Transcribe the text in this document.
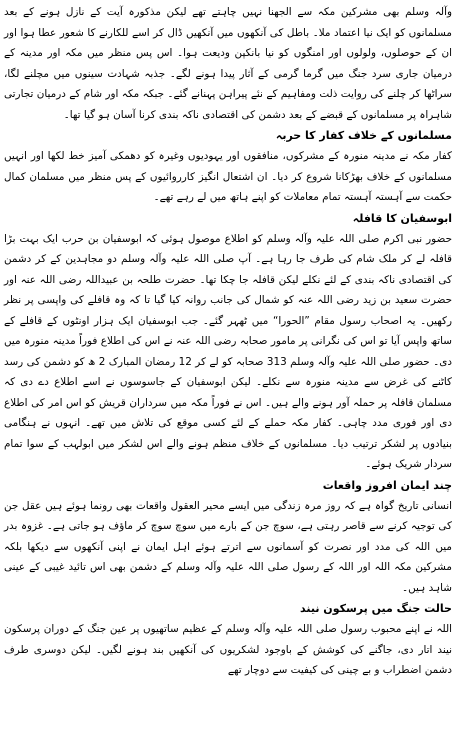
وآلہ وسلم بھی مشرکین مکہ سے الجھنا نہیں چاہتے تھے لیکن مذکورہ آیت کے نازل ہونے کے بعد مسلمانوں کو ایک نیا اعتماد ملا۔ باطل کی آنکھوں میں آنکھیں ڈال کر اسے للکارنے کا شعور عطا ہوا اور ان کے حوصلوں، ولولوں اور امنگوں کو نیا بانکپن ودیعت ہوا۔ اس پس منظر میں مکہ اور مدینہ کے درمیان جاری سرد جنگ میں گرما گرمی کے آثار پیدا ہونے لگے۔ جذبہ شہادت سینوں میں مچلنے لگا، سراٹھا کر چلنے کی روایت ذلت ومفاہیم کے نئے پیراہن پہنانے گئے۔ جبکہ مکہ اور شام کے درمیان تجارتی شاہراہ پر مسلمانوں کے قبضے کے بعد دشمن کی اقتصادی ناکہ بندی کرنا آسان ہو گیا تھا۔

مسلمانوں کے خلاف کفار کا حربہ

کفار مکہ نے مدینہ منورہ کے مشرکوں، منافقوں اور یہودیوں وغیرہ کو دھمکی آمیز خط لکھا اور انہیں مسلمانوں کے خلاف بھڑکانا شروع کر دیا۔ ان اشتعال انگیز کارروائیوں کے پس منظر میں مسلمان کمال حکمت سے آہستہ آہستہ تمام معاملات کو اپنے ہاتھ میں لے رہے تھے۔

ابوسفیان کا قافلہ

حضور نبی اکرم صلی اللہ علیہ وآلہ وسلم کو اطلاع موصول ہوئی کہ ابوسفیان بن حرب ایک بہت بڑا قافلہ لے کر ملک شام کی طرف جا رہا ہے۔ آپ صلی اللہ علیہ وآلہ وسلم دو مجاہدین کے کر دشمن کی اقتصادی ناکہ بندی کے لئے نکلے لیکن قافلہ جا چکا تھا۔ حضرت طلحہ بن عبیداللہ رضی اللہ عنہ اور حضرت سعید بن زید رضی اللہ عنہ کو شمال کی جانب روانہ کیا گیا تا کہ وہ قافلے کی واپسی پر نظر رکھیں۔ یہ اصحاب رسول مقام ”الحورا“ میں ٹھہر گئے۔ جب ابوسفیان ایک ہزار اونٹوں کے قافلے کے ساتھ واپس آیا تو اس کی نگرانی پر مامور صحابہ رضی اللہ عنہ نے اس کی اطلاع فوراً مدینہ منورہ میں دی۔ حضور صلی اللہ علیہ وآلہ وسلم 313 صحابہ کو لے کر 12 رمضان المبارک 2 ھ کو دشمن کی رسد کاٹنے کی غرض سے مدینہ منورہ سے نکلے۔ لیکن ابوسفیان کے جاسوسوں نے اسے اطلاع دے دی کہ مسلمان قافلہ پر حملہ آور ہونے والے ہیں۔ اس نے فوراً مکہ میں سرداران قریش کو اس امر کی اطلاع دی اور فوری مدد چاہی۔ کفار مکہ حملے کے لئے کسی موقع کی تلاش میں تھے۔ انہوں نے ہنگامی بنیادوں پر لشکر ترتیب دیا۔ مسلمانوں کے خلاف منظم ہونے والے اس لشکر میں ابولہب کے سوا تمام سردار شریک ہوئے۔

چند ایمان افروز واقعات

انسانی تاریخ گواہ ہے کہ روز مرہ زندگی میں ایسے محیر العقول واقعات بھی رونما ہوئے ہیں عقل جن کی توجیہ کرنے سے قاصر رہتی ہے، سوچ جن کے بارے میں سوچ سوچ کر ماؤف ہو جاتی ہے۔ غزوہ بدر میں اللہ کی مدد اور نصرت کو آسمانوں سے اترتے ہوئے اہل ایمان نے اپنی آنکھوں سے دیکھا بلکہ مشرکین مکہ اللہ اور اللہ کے رسول صلی اللہ علیہ وآلہ وسلم کے دشمن بھی اس تائید غیبی کے عینی شاہد ہیں۔

حالت جنگ میں پرسکون نیند

اللہ نے اپنے محبوب رسول صلی اللہ علیہ وآلہ وسلم کے عظیم ساتھیوں پر عین جنگ کے دوران پرسکون نیند اتار دی، جاگنے کی کوشش کے باوجود لشکریوں کی آنکھیں بند ہونے لگیں۔ لیکن دوسری طرف دشمن اضطراب و بے چینی کی کیفیت سے دوچار تھے
